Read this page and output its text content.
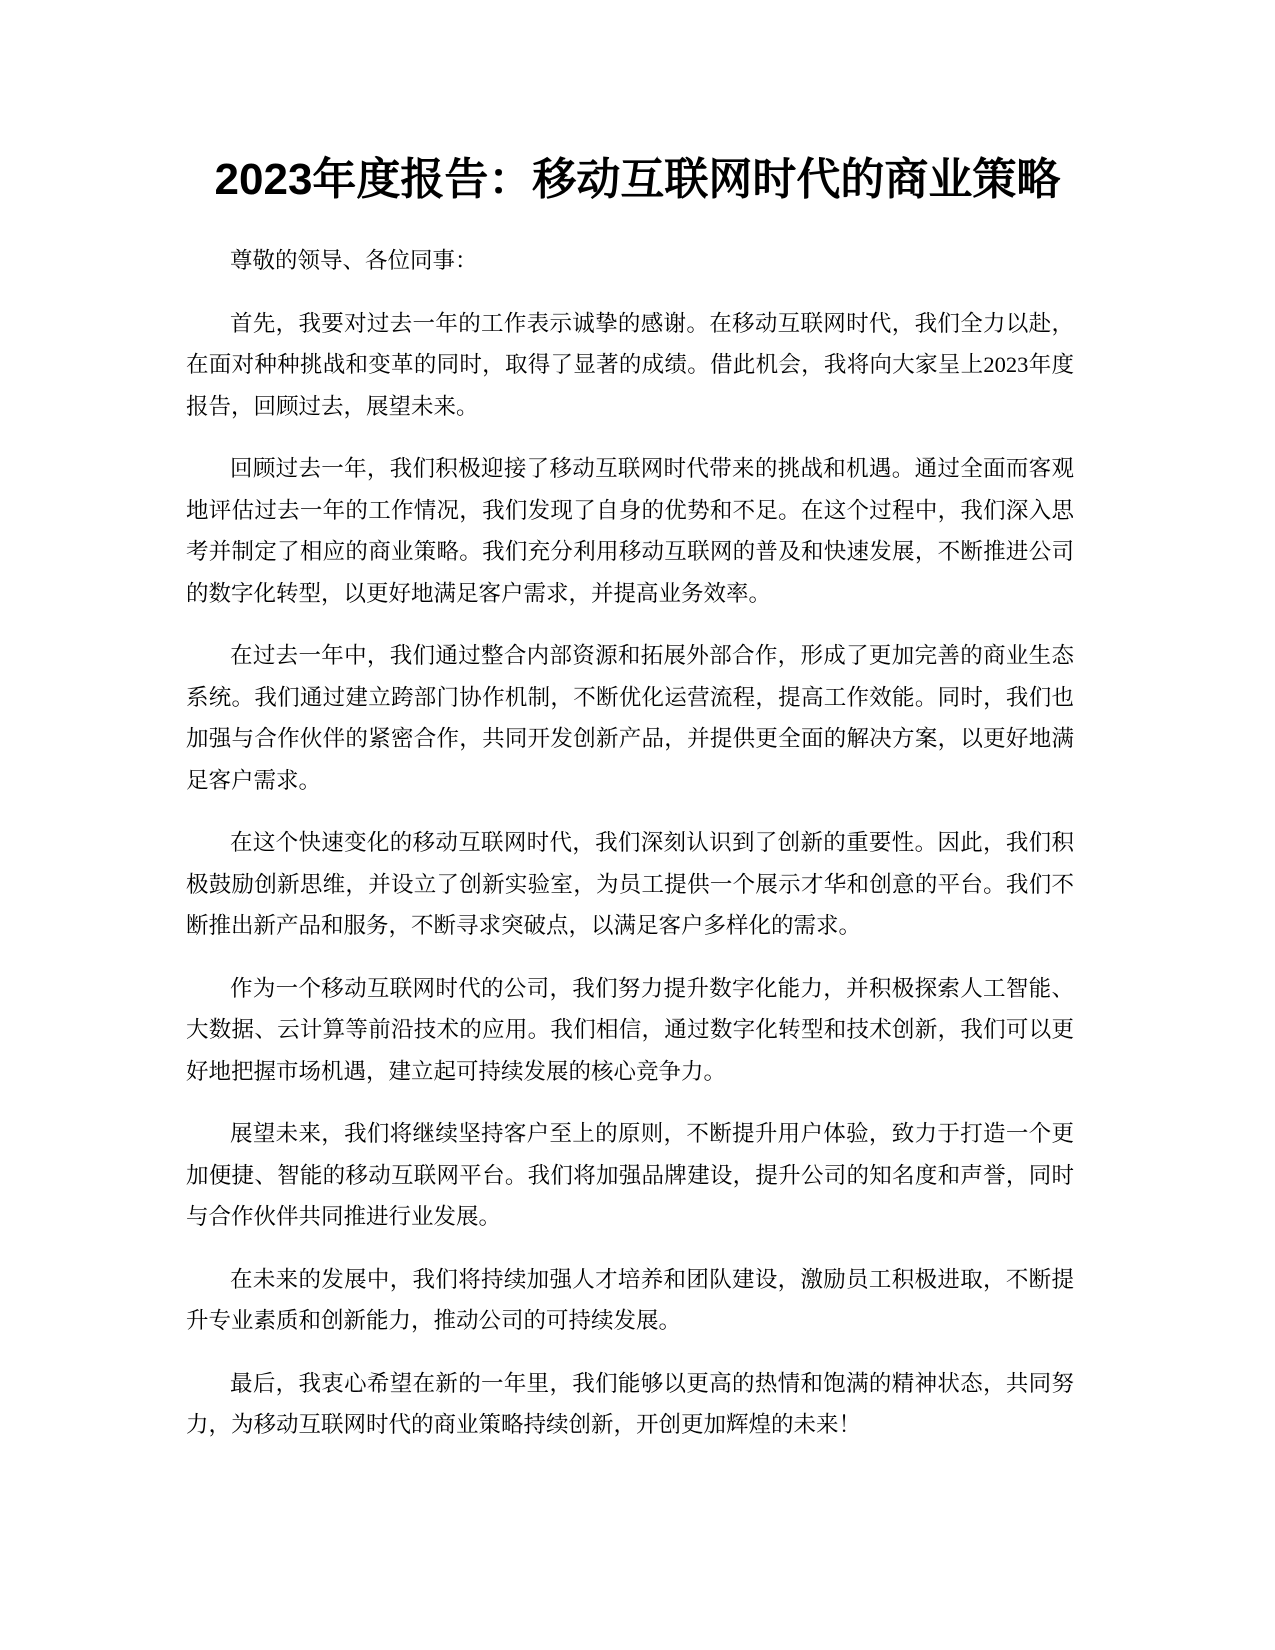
2023年度报告：移动互联网时代的商业策略

尊敬的领导、各位同事：

首先，我要对过去一年的工作表示诚挚的感谢。在移动互联网时代，我们全力以赴，在面对种种挑战和变革的同时，取得了显著的成绩。借此机会，我将向大家呈上2023年度报告，回顾过去，展望未来。

回顾过去一年，我们积极迎接了移动互联网时代带来的挑战和机遇。通过全面而客观地评估过去一年的工作情况，我们发现了自身的优势和不足。在这个过程中，我们深入思考并制定了相应的商业策略。我们充分利用移动互联网的普及和快速发展，不断推进公司的数字化转型，以更好地满足客户需求，并提高业务效率。

在过去一年中，我们通过整合内部资源和拓展外部合作，形成了更加完善的商业生态系统。我们通过建立跨部门协作机制，不断优化运营流程，提高工作效能。同时，我们也加强与合作伙伴的紧密合作，共同开发创新产品，并提供更全面的解决方案，以更好地满足客户需求。

在这个快速变化的移动互联网时代，我们深刻认识到了创新的重要性。因此，我们积极鼓励创新思维，并设立了创新实验室，为员工提供一个展示才华和创意的平台。我们不断推出新产品和服务，不断寻求突破点，以满足客户多样化的需求。

作为一个移动互联网时代的公司，我们努力提升数字化能力，并积极探索人工智能、大数据、云计算等前沿技术的应用。我们相信，通过数字化转型和技术创新，我们可以更好地把握市场机遇，建立起可持续发展的核心竞争力。

展望未来，我们将继续坚持客户至上的原则，不断提升用户体验，致力于打造一个更加便捷、智能的移动互联网平台。我们将加强品牌建设，提升公司的知名度和声誉，同时与合作伙伴共同推进行业发展。

在未来的发展中，我们将持续加强人才培养和团队建设，激励员工积极进取，不断提升专业素质和创新能力，推动公司的可持续发展。

最后，我衷心希望在新的一年里，我们能够以更高的热情和饱满的精神状态，共同努力，为移动互联网时代的商业策略持续创新，开创更加辉煌的未来！
